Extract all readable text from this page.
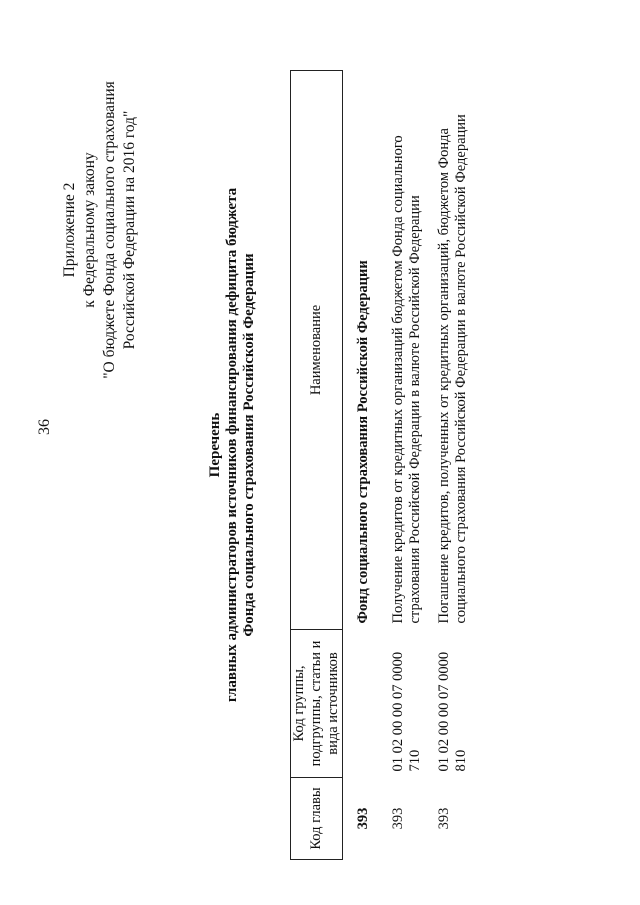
36
Приложение 2 к Федеральному закону "О бюджете Фонда социального страхования Российской Федерации на 2016 год"
Перечень главных администраторов источников финансирования дефицита бюджета Фонда социального страхования Российской Федерации
Код главы	Код группы, подгруппы, статьи и вида источников	Наименование
393		Фонд социального страхования Российской Федерации
393	01 02 00 00 07 0000 710	Получение кредитов от кредитных организаций бюджетом Фонда социального страхования Российской Федерации в валюте Российской Федерации
393	01 02 00 00 07 0000 810	Погашение кредитов, полученных от кредитных организаций, бюджетом Фонда социального страхования Российской Федерации в валюте Российской Федерации
